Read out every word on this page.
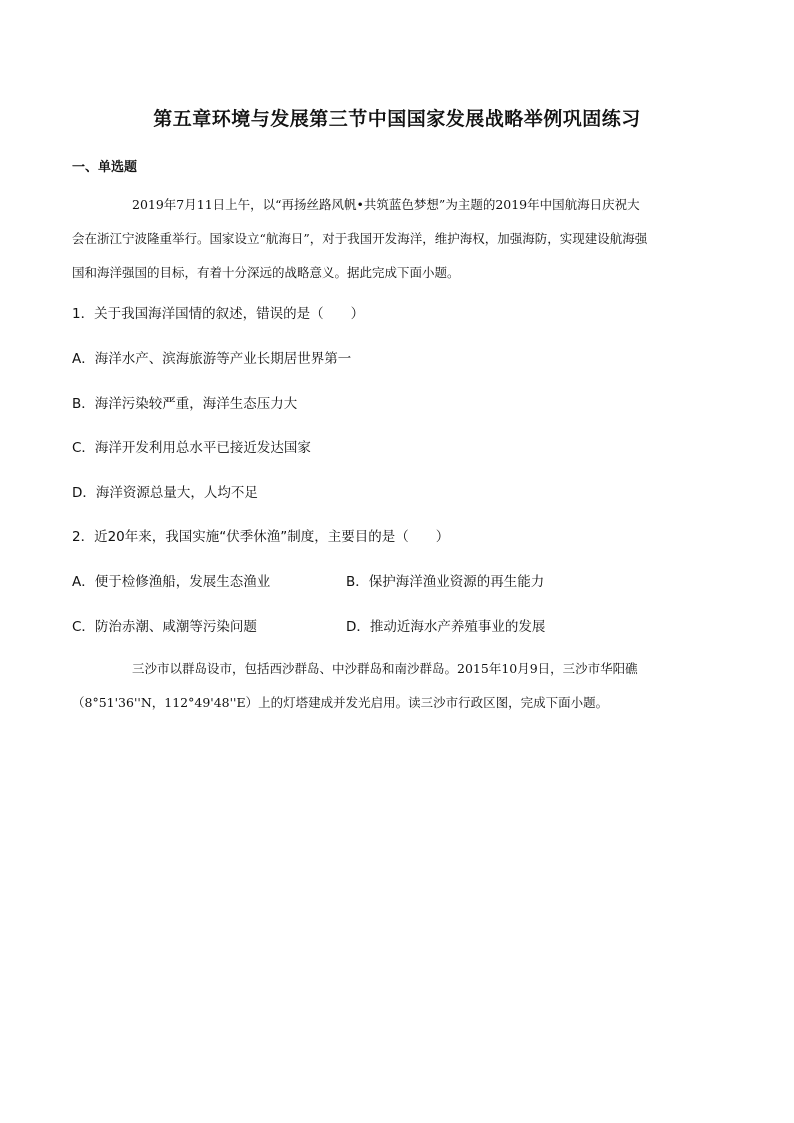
第五章环境与发展第三节中国国家发展战略举例巩固练习
一、单选题
2019年7月11日上午，以“再扬丝路风帆•共筑蓝色梦想”为主题的2019年中国航海日庆祝大
会在浙江宁波隆重举行。国家设立“航海日”，对于我国开发海洋，维护海权，加强海防，实现建设航海强
国和海洋强国的目标，有着十分深远的战略意义。据此完成下面小题。
1．关于我国海洋国情的叙述，错误的是（　　）
A．海洋水产、滨海旅游等产业长期居世界第一
B．海洋污染较严重，海洋生态压力大
C．海洋开发利用总水平已接近发达国家
D．海洋资源总量大，人均不足
2．近20年来，我国实施“伏季休渔”制度，主要目的是（　　）
A．便于检修渔船，发展生态渔业	B．保护海洋渔业资源的再生能力
C．防治赤潮、咸潮等污染问题	D．推动近海水产养殖事业的发展
三沙市以群岛设市，包括西沙群岛、中沙群岛和南沙群岛。2015年10月9日，三沙市华阳礁
（8°51'36''N，112°49'48''E）上的灯塔建成并发光启用。读三沙市行政区图，完成下面小题。
